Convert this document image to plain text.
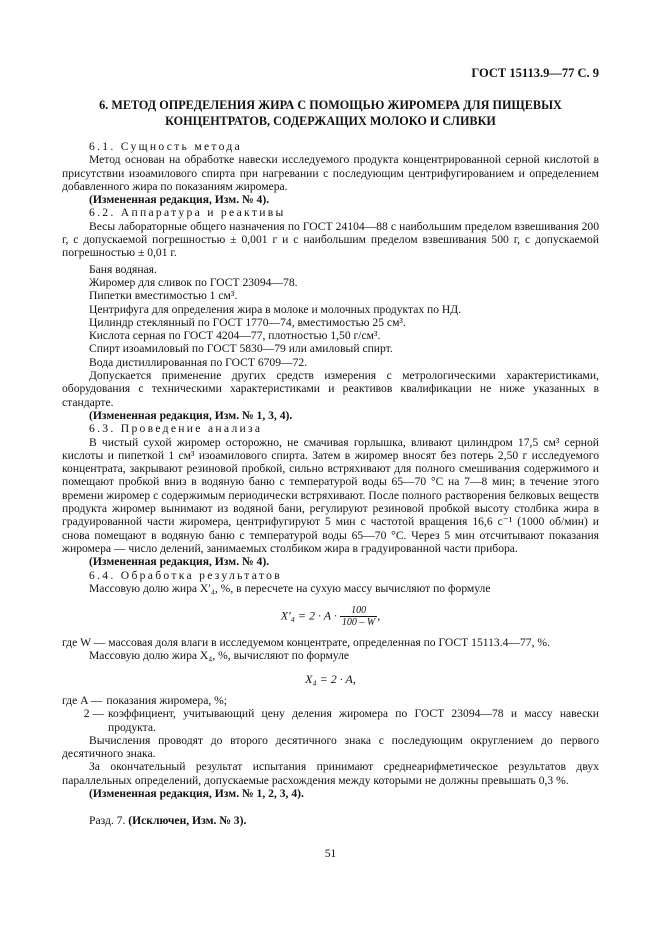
ГОСТ 15113.9—77 С. 9
6. МЕТОД ОПРЕДЕЛЕНИЯ ЖИРА С ПОМОЩЬЮ ЖИРОМЕРА ДЛЯ ПИЩЕВЫХ
КОНЦЕНТРАТОВ, СОДЕРЖАЩИХ МОЛОКО И СЛИВКИ

6.1. Сущность метода

Метод основан на обработке навески исследуемого продукта концентрированной серной кислотой в присутствии изоамилового спирта при нагревании с последующим центрифугированием и определением добавленного жира по показаниям жиромера.

(Измененная редакция, Изм. № 4).

6.2. Аппаратура и реактивы

Весы лабораторные общего назначения по ГОСТ 24104—88 с наибольшим пределом взвешивания 200 г, с допускаемой погрешностью ± 0,001 г и с наибольшим пределом взвешивания 500 г, с допускаемой погрешностью ± 0,01 г.

Баня водяная.

Жиромер для сливок по ГОСТ 23094—78.

Пипетки вместимостью 1 см³.

Центрифуга для определения жира в молоке и молочных продуктах по НД.

Цилиндр стеклянный по ГОСТ 1770—74, вместимостью 25 см³.

Кислота серная по ГОСТ 4204—77, плотностью 1,50 г/см³.

Спирт изоамиловый по ГОСТ 5830—79 или амиловый спирт.

Вода дистиллированная по ГОСТ 6709—72.

Допускается применение других средств измерения с метрологическими характеристиками, оборудования с техническими характеристиками и реактивов квалификации не ниже указанных в стандарте.

(Измененная редакция, Изм. № 1, 3, 4).

6.3. Проведение анализа

В чистый сухой жиромер осторожно, не смачивая горлышка, вливают цилиндром 17,5 см³ серной кислоты и пипеткой 1 см³ изоамилового спирта. Затем в жиромер вносят без потерь 2,50 г исследуемого концентрата, закрывают резиновой пробкой, сильно встряхивают для полного смешивания содержимого и помещают пробкой вниз в водяную баню с температурой воды 65—70 °С на 7—8 мин; в течение этого времени жиромер с содержимым периодически встряхивают. После полного растворения белковых веществ продукта жиромер вынимают из водяной бани, регулируют резиновой пробкой высоту столбика жира в градуированной части жиромера, центрифугируют 5 мин с частотой вращения 16,6 с⁻¹ (1000 об/мин) и снова помещают в водяную баню с температурой воды 65—70 °С. Через 5 мин отсчитывают показания жиромера — число делений, занимаемых столбиком жира в градуированной части прибора.

(Измененная редакция, Изм. № 4).

6.4. Обработка результатов

Массовую долю жира X′₄, %, в пересчете на сухую массу вычисляют по формуле

$X'_4 = 2 \cdot A \cdot \frac{100}{100 - W}$ ,

где W — массовая доля влаги в исследуемом концентрате, определенная по ГОСТ 15113.4—77, %.

Массовую долю жира X₄, %, вычисляют по формуле

X₄ = 2 · A,
где A — показания жиромера, %;
2 — коэффициент, учитывающий цену деления жиромера по ГОСТ 23094—78 и массу навески продукта.

Вычисления проводят до второго десятичного знака с последующим округлением до первого десятичного знака.

За окончательный результат испытания принимают среднеарифметическое результатов двух параллельных определений, допускаемые расхождения между которыми не должны превышать 0,3 %.

(Измененная редакция, Изм. № 1, 2, 3, 4).

Разд. 7. (Исключен, Изм. № 3).

51
